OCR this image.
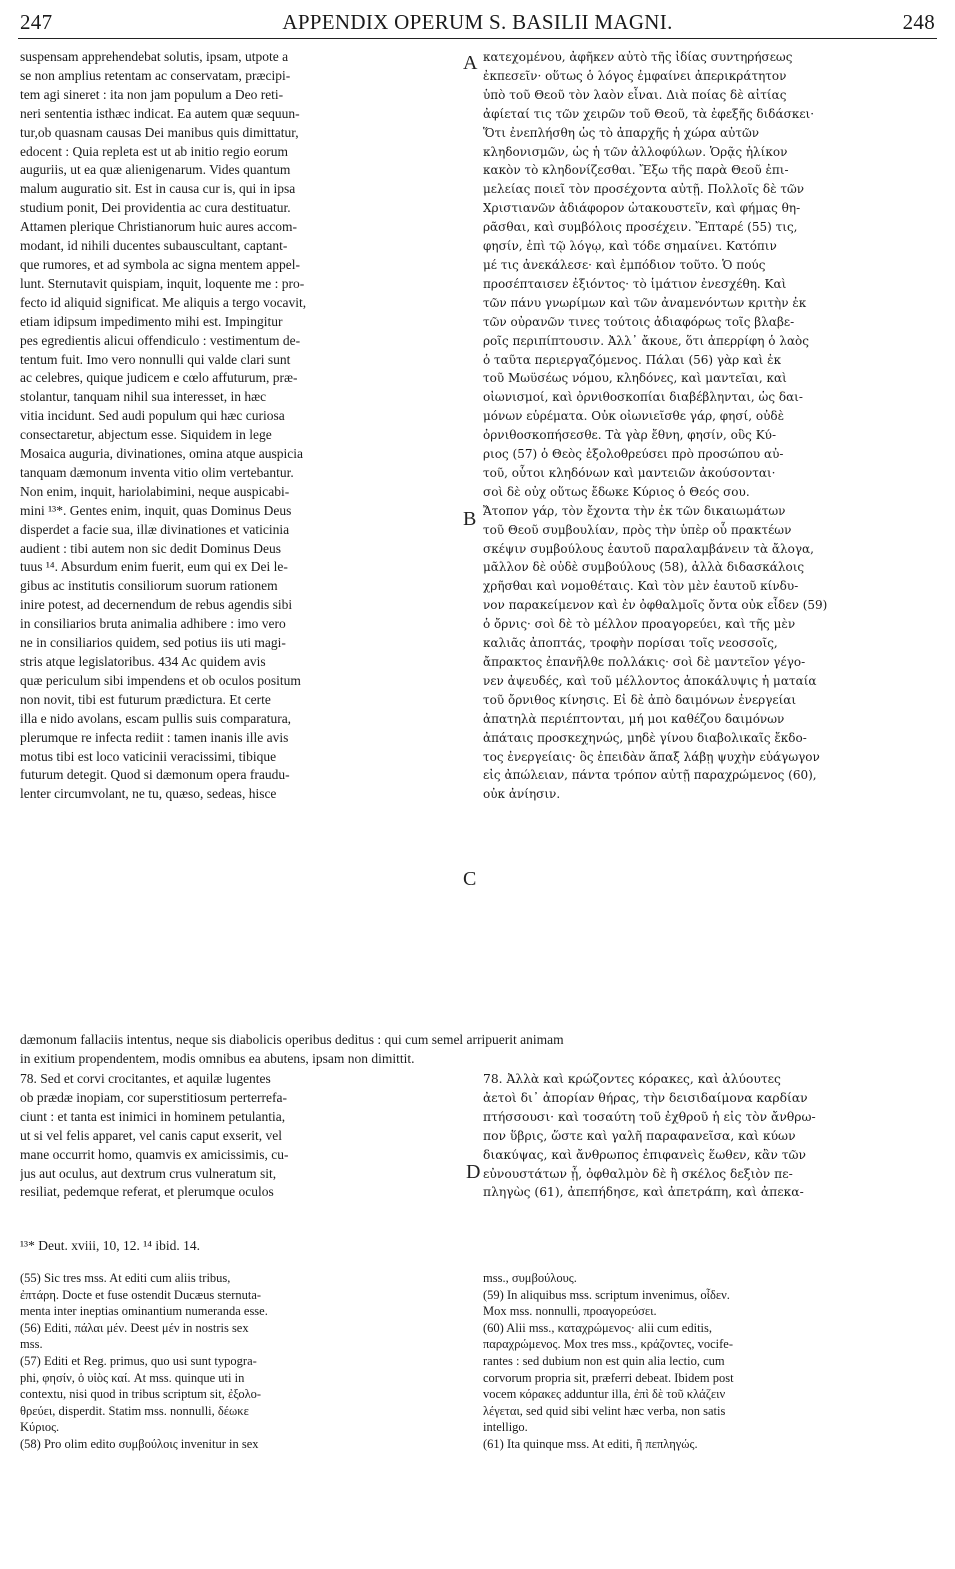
247	APPENDIX OPERUM S. BASILII MAGNI.	248
suspensam apprehendebat solutis, ipsam, utpote a
se non amplius retentam ac conservatam, præcipi-
tem agi sineret : ita non jam populum a Deo reti-
neri sententia isthæc indicat. Ea autem quæ sequun-
tur,ob quasnam causas Dei manibus quis dimittatur,
edocent : Quia repleta est ut ab initio regio eorum
auguriis, ut ea quæ alienigenarum. Vides quantum
malum auguratio sit. Est in causa cur is, qui in ipsa
studium ponit, Dei providentia ac cura destituatur.
Attamen plerique Christianorum huic aures accom-
modant, id nihili ducentes subauscultant, captant-
que rumores, et ad symbola ac signa mentem appel-
lunt. Sternutavit quispiam, inquit, loquente me : pro-
fecto id aliquid significat. Me aliquis a tergo vocavit,
etiam idipsum impedimento mihi est. Impingitur
pes egredientis alicui offendiculo : vestimentum de-
tentum fuit. Imo vero nonnulli qui valde clari sunt
ac celebres, quique judicem e cœlo affuturum, præ-
stolantur, tanquam nihil sua interesset, in hæc
vitia incidunt. Sed audi populum qui hæc curiosa
consectaretur, abjectum esse. Siquidem in lege
Mosaica auguria, divinationes, omina atque auspicia
tanquam dæmonum inventa vitio olim vertebantur.
Non enim, inquit, hariolabimini, neque auspicabi-
mini ¹³*. Gentes enim, inquit, quas Dominus Deus
disperdet a facie sua, illæ divinationes et vaticinia
audient : tibi autem non sic dedit Dominus Deus
tuus ¹⁴. Absurdum enim fuerit, eum qui ex Dei le-
gibus ac institutis consiliorum suorum rationem
inire potest, ad decernendum de rebus agendis sibi
in consiliarios bruta animalia adhibere : imo vero
ne in consiliarios quidem, sed potius iis uti magi-
stris atque legislatoribus. 434 Ac quidem avis
quæ periculum sibi impendens et ob oculos positum
non novit, tibi est futurum prædictura. Et certe
illa e nido avolans, escam pullis suis comparatura,
plerumque re infecta rediit : tamen inanis ille avis
motus tibi est loco vaticinii veracissimi, tibique
futurum detegit. Quod si dæmonum opera fraudu-
lenter circumvolant, ne tu, quæso, sedeas, hisce
κατεχομένου, ἀφῆκεν αὐτὸ τῆς ἰδίας συντηρήσεως
ἐκπεσεῖν· οὕτως ὁ λόγος ἐμφαίνει ἀπερικράτητον
ὑπὸ τοῦ Θεοῦ τὸν λαὸν εἶναι. Διὰ ποίας δὲ αἰτίας
ἀφίεταί τις τῶν χειρῶν τοῦ Θεοῦ, τὰ ἐφεξῆς διδάσκει·
Ὅτι ἐνεπλήσθη ὡς τὸ ἀπαρχῆς ἡ χώρα αὐτῶν
κληδονισμῶν, ὡς ἡ τῶν ἀλλοφύλων. Ὁρᾷς ἡλίκον
κακὸν τὸ κληδονίζεσθαι. Ἔξω τῆς παρὰ Θεοῦ ἐπι-
μελείας ποιεῖ τὸν προσέχοντα αὐτῇ. Πολλοῖς δὲ τῶν
Χριστιανῶν ἀδιάφορον ὠτακουστεῖν, καὶ φήμας θη-
ρᾶσθαι, καὶ συμβόλοις προσέχειν. Ἔπταρέ (55) τις,
φησίν, ἐπὶ τῷ λόγῳ, καὶ τόδε σημαίνει. Κατόπιν
μέ τις ἀνεκάλεσε· καὶ ἐμπόδιον τοῦτο. Ὁ πούς
προσέπταισεν ἐξιόντος· τὸ ἱμάτιον ἐνεσχέθη. Καὶ
τῶν πάνυ γνωρίμων καὶ τῶν ἀναμενόντων κριτὴν ἐκ
τῶν οὐρανῶν τινες τούτοις ἀδιαφόρως τοῖς βλαβε-
ροῖς περιπίπτουσιν. Ἀλλ᾽ ἄκουε, ὅτι ἀπερρίφη ὁ λαὸς
ὁ ταῦτα περιεργαζόμενος. Πάλαι (56) γὰρ καὶ ἐκ
τοῦ Μωϋσέως νόμου, κληδόνες, καὶ μαντεῖαι, καὶ
οἰωνισμοί, καὶ ὀρνιθοσκοπίαι διαβέβληνται, ὡς δαι-
μόνων εὑρέματα. Οὐκ οἰωνιεῖσθε γάρ, φησί, οὐδὲ
ὀρνιθοσκοπήσεσθε. Τὰ γὰρ ἔθνη, φησίν, οὓς Κύ-
ριος (57) ὁ Θεὸς ἐξολοθρεύσει πρὸ προσώπου αὐ-
τοῦ, οὗτοι κληδόνων καὶ μαντειῶν ἀκούσονται·
σοὶ δὲ οὐχ οὕτως ἔδωκε Κύριος ὁ Θεός σου.
Ἄτοπον γάρ, τὸν ἔχοντα τὴν ἐκ τῶν δικαιωμάτων
τοῦ Θεοῦ συμβουλίαν, πρὸς τὴν ὑπὲρ οὗ πρακτέων
σκέψιν συμβούλους ἑαυτοῦ παραλαμβάνειν τὰ ἄλογα,
μᾶλλον δὲ οὐδὲ συμβούλους (58), ἀλλὰ διδασκάλοις
χρῆσθαι καὶ νομοθέταις. Καὶ τὸν μὲν ἑαυτοῦ κίνδυ-
νον παρακείμενον καὶ ἐν ὀφθαλμοῖς ὄντα οὐκ εἶδεν (59)
ὁ ὄρνις· σοὶ δὲ τὸ μέλλον προαγορεύει, καὶ τῆς μὲν
καλιᾶς ἀποπτάς, τροφὴν πορίσαι τοῖς νεοσσοῖς,
ἄπρακτος ἐπανῆλθε πολλάκις· σοὶ δὲ μαντεῖον γέγο-
νεν ἀψευδές, καὶ τοῦ μέλλοντος ἀποκάλυψις ἡ ματαία
τοῦ ὄρνιθος κίνησις. Εἰ δὲ ἀπὸ δαιμόνων ἐνεργείαι
ἀπατηλὰ περιέπτονται, μή μοι καθέζου δαιμόνων
ἀπάταις προσκεχηνώς, μηδὲ γίνου διαβολικαῖς ἔκδο-
τος ἐνεργείαις· ὃς ἐπειδὰν ἅπαξ λάβῃ ψυχὴν εὐάγωγον
εἰς ἀπώλειαν, πάντα τρόπον αὐτῇ παραχρώμενος (60),
οὐκ ἀνίησιν.
A
B
C
D
dæmonum fallaciis intentus, neque sis diabolicis operibus deditus : qui cum semel arripuerit animam
in exitium propendentem, modis omnibus ea abutens, ipsam non dimittit.
78. Sed et corvi crocitantes, et aquilæ lugentes
ob prædæ inopiam, cor superstitiosum perterrefa-
ciunt : et tanta est inimici in hominem petulantia,
ut si vel felis apparet, vel canis caput exserit, vel
mane occurrit homo, quamvis ex amicissimis, cu-
jus aut oculus, aut dextrum crus vulneratum sit,
resiliat, pedemque referat, et plerumque oculos
78. Ἀλλὰ καὶ κρώζοντες κόρακες, καὶ ἀλύουτες
ἀετοὶ δι᾽ ἀπορίαν θήρας, τὴν δεισιδαίμονα καρδίαν
πτήσσουσι· καὶ τοσαύτη τοῦ ἐχθροῦ ἡ εἰς τὸν ἄνθρω-
πον ὕβρις, ὥστε καὶ γαλῆ παραφανεῖσα, καὶ κύων
διακύψας, καὶ ἄνθρωπος ἐπιφανεὶς ἕωθεν, κἂν τῶν
εὐνουστάτων ᾖ, ὀφθαλμὸν δὲ ἢ σκέλος δεξιὸν πε-
πληγὼς (61), ἀπεπήδησε, καὶ ἀπετράπη, καὶ ἀπεκα-
¹³* Deut. xviii, 10, 12. ¹⁴ ibid. 14.
(55) Sic tres mss. At editi cum aliis tribus,
ἐπτάρη. Docte et fuse ostendit Ducæus sternuta-
menta inter ineptias ominantium numeranda esse.
(56) Editi, πάλαι μέν. Deest μέν in nostris sex
mss.
(57) Editi et Reg. primus, quo usi sunt typogra-
phi, φησίν, ὁ υἱὸς καί. At mss. quinque uti in
contextu, nisi quod in tribus scriptum sit, ἐξολο-
θρεύει, disperdit. Statim mss. nonnulli, δέωκε
Κύριος.
(58) Pro olim edito συμβούλοις invenitur in sex
mss., συμβούλους.
(59) In aliquibus mss. scriptum invenimus, οἶδεν.
Mox mss. nonnulli, προαγορεύσει.
(60) Alii mss., καταχρώμενος· alii cum editis,
παραχρώμενος. Mox tres mss., κράζοντες, vocife-
rantes : sed dubium non est quin alia lectio, cum
corvorum propria sit, præferri debeat. Ibidem post
vocem κόρακες adduntur illa, ἐπὶ δὲ τοῦ κλάζειν
λέγεται, sed quid sibi velint hæc verba, non satis
intelligo.
(61) Ita quinque mss. At editi, ἢ πεπληγώς.
